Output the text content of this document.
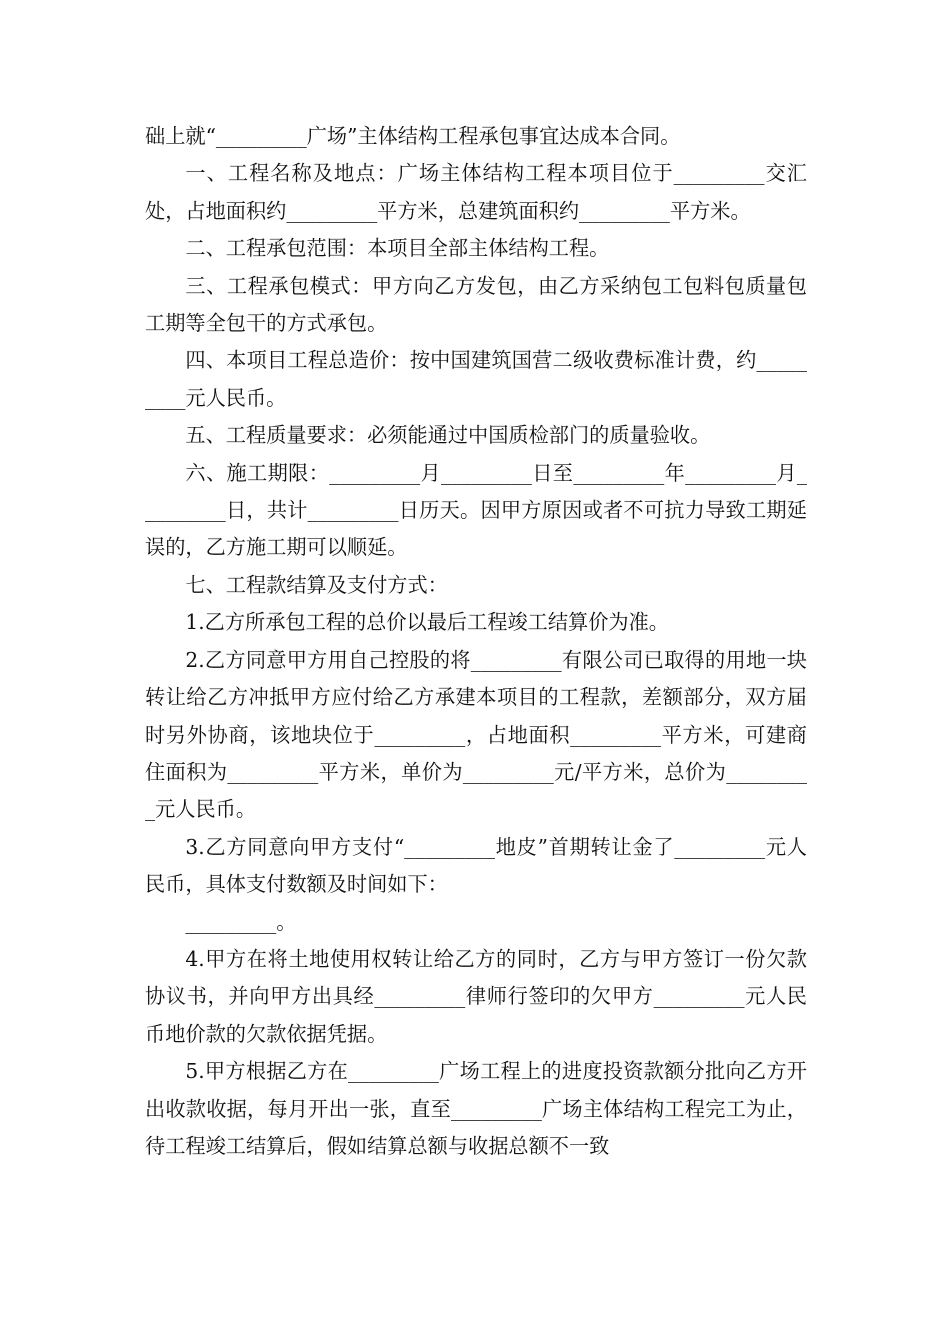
础上就“_________广场”主体结构工程承包事宜达成本合同。

一、工程名称及地点：广场主体结构工程本项目位于_________交汇处，占地面积约_________平方米，总建筑面积约_________平方米。

二、工程承包范围：本项目全部主体结构工程。

三、工程承包模式：甲方向乙方发包，由乙方采纳包工包料包质量包工期等全包干的方式承包。

四、本项目工程总造价：按中国建筑国营二级收费标准计费，约_________元人民币。

五、工程质量要求：必须能通过中国质检部门的质量验收。

六、施工期限：_________月_________日至_________年_________月_________日，共计_________日历天。因甲方原因或者不可抗力导致工期延误的，乙方施工期可以顺延。

七、工程款结算及支付方式：

1.乙方所承包工程的总价以最后工程竣工结算价为准。

2.乙方同意甲方用自己控股的将_________有限公司已取得的用地一块转让给乙方冲抵甲方应付给乙方承建本项目的工程款，差额部分，双方届时另外协商，该地块位于_________，占地面积_________平方米，可建商住面积为_________平方米，单价为_________元/平方米，总价为_________元人民币。

3.乙方同意向甲方支付“_________地皮”首期转让金了_________元人民币，具体支付数额及时间如下：

_________。

4.甲方在将土地使用权转让给乙方的同时，乙方与甲方签订一份欠款协议书，并向甲方出具经_________律师行签印的欠甲方_________元人民币地价款的欠款依据凭据。

5.甲方根据乙方在_________广场工程上的进度投资款额分批向乙方开出收款收据，每月开出一张，直至_________广场主体结构工程完工为止，待工程竣工结算后，假如结算总额与收据总额不一致
